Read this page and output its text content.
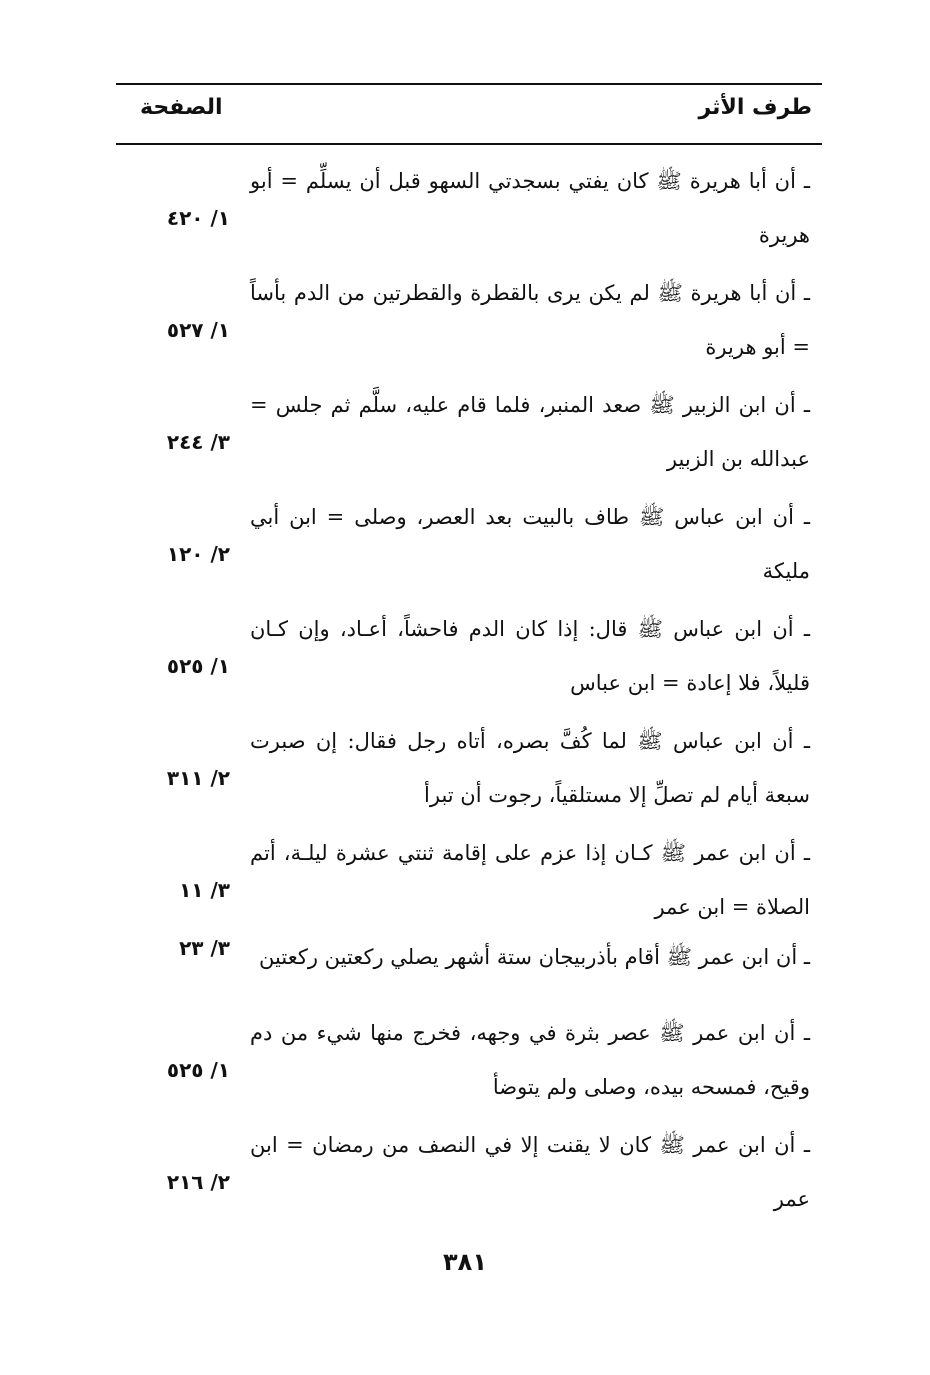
طرف الأثر
الصفحة
ـ أن أبا هريرة ﷺ كان يفتي بسجدتي السهو قبل أن يسلِّم = أبو هريرة
١/ ٤٢٠
ـ أن أبا هريرة ﷺ لم يكن يرى بالقطرة والقطرتين من الدم بأساً = أبو هريرة
١/ ٥٢٧
ـ أن ابن الزبير ﷺ صعد المنبر، فلما قام عليه، سلَّم ثم جلس = عبدالله بن الزبير
٣/ ٢٤٤
ـ أن ابن عباس ﷺ طاف بالبيت بعد العصر، وصلى = ابن أبي مليكة
٢/ ١٢٠
ـ أن ابن عباس ﷺ قال: إذا كان الدم فاحشاً، أعـاد، وإن كـان قليلاً، فلا إعادة = ابن عباس
١/ ٥٢٥
ـ أن ابن عباس ﷺ لما كُفَّ بصره، أتاه رجل فقال: إن صبرت سبعة أيام لم تصلِّ إلا مستلقياً، رجوت أن تبرأ
٢/ ٣١١
ـ أن ابن عمر ﷺ كـان إذا عزم على إقامة ثنتي عشرة ليلـة، أتم الصلاة = ابن عمر
٣/ ١١
ـ أن ابن عمر ﷺ أقام بأذربيجان ستة أشهر يصلي ركعتين ركعتين
٣/ ٢٣
ـ أن ابن عمر ﷺ عصر بثرة في وجهه، فخرج منها شيء من دم وقيح، فمسحه بيده، وصلى ولم يتوضأ
١/ ٥٢٥
ـ أن ابن عمر ﷺ كان لا يقنت إلا في النصف من رمضان = ابن عمر
٢/ ٢١٦
٣٨١
